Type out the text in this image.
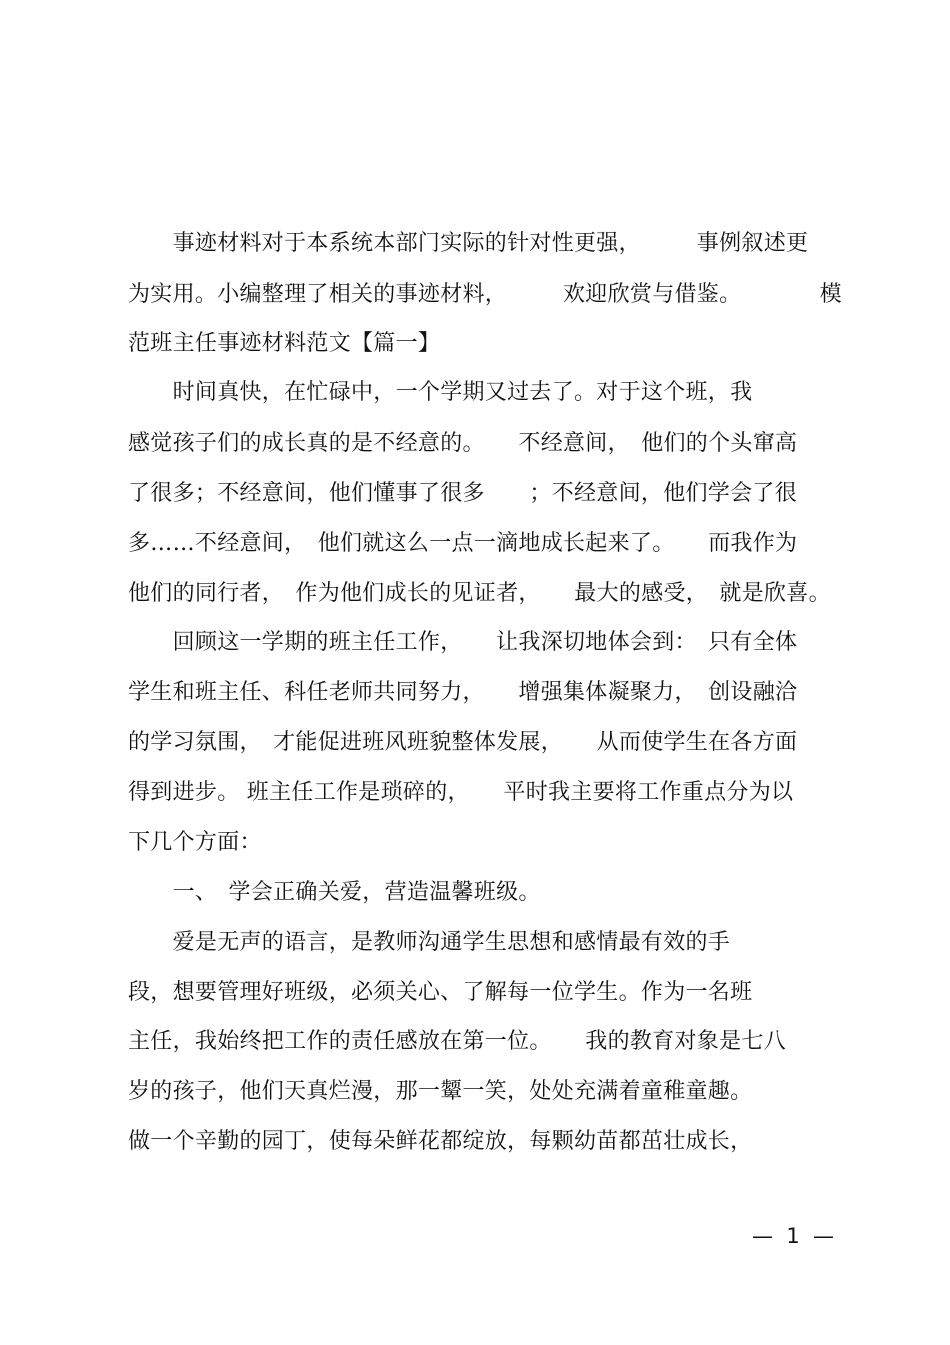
　　事迹材料对于本系统本部门实际的针对性更强，　　　事例叙述更
为实用。小编整理了相关的事迹材料，　　　欢迎欣赏与借鉴。　　　　模
范班主任事迹材料范文【篇一】
　　时间真快，在忙碌中，一个学期又过去了。对于这个班，我
感觉孩子们的成长真的是不经意的。　　不经意间，　他们的个头窜高
了很多；不经意间，他们懂事了很多　　；不经意间，他们学会了很
多……不经意间，　他们就这么一点一滴地成长起来了。　　而我作为
他们的同行者，　作为他们成长的见证者，　　最大的感受，　就是欣喜。
　　回顾这一学期的班主任工作，　　让我深切地体会到：　只有全体
学生和班主任、科任老师共同努力，　　增强集体凝聚力，　创设融洽
的学习氛围，　才能促进班风班貌整体发展，　　从而使学生在各方面
得到进步。 班主任工作是琐碎的，　　平时我主要将工作重点分为以
下几个方面：
　　一、　学会正确关爱，营造温馨班级。
　　爱是无声的语言，是教师沟通学生思想和感情最有效的手
段，想要管理好班级，必须关心、了解每一位学生。作为一名班
主任，我始终把工作的责任感放在第一位。　　我的教育对象是七八
岁的孩子，他们天真烂漫，那一颦一笑，处处充满着童稚童趣。
做一个辛勤的园丁，使每朵鲜花都绽放，每颗幼苗都茁壮成长，
—  1  —
